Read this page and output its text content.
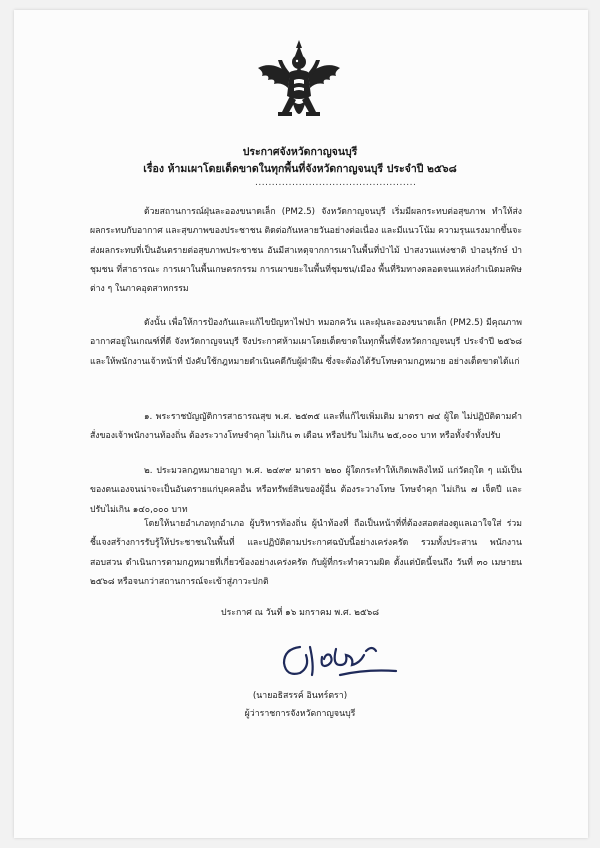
ประกาศจังหวัดกาญจนบุรี
เรื่อง ห้ามเผาโดยเด็ดขาดในทุกพื้นที่จังหวัดกาญจนบุรี ประจำปี ๒๕๖๘
................................................
ด้วยสถานการณ์ฝุ่นละอองขนาดเล็ก (PM2.5) จังหวัดกาญจนบุรี เริ่มมีผลกระทบต่อสุขภาพ ทำให้ส่งผลกระทบกับอากาศ และสุขภาพของประชาชน ติดต่อกันหลายวันอย่างต่อเนื่อง และมีแนวโน้ม ความรุนแรงมากขึ้นจะส่งผลกระทบที่เป็นอันตรายต่อสุขภาพประชาชน อันมีสาเหตุจากการเผาในพื้นที่ป่าไม้ ป่าสงวนแห่งชาติ ป่าอนุรักษ์ ป่าชุมชน ที่สาธารณะ การเผาในพื้นเกษตรกรรม การเผาขยะในพื้นที่ชุมชน/เมือง พื้นที่ริมทางตลอดจนแหล่งกำเนิดมลพิษต่าง ๆ ในภาคอุตสาหกรรม
ดังนั้น เพื่อให้การป้องกันและแก้ไขปัญหาไฟป่า หมอกควัน และฝุ่นละอองขนาดเล็ก (PM2.5) มีคุณภาพอากาศอยู่ในเกณฑ์ที่ดี จังหวัดกาญจนบุรี จึงประกาศห้ามเผาโดยเด็ดขาดในทุกพื้นที่จังหวัดกาญจนบุรี ประจำปี ๒๕๖๘ และให้พนักงานเจ้าหน้าที่ บังคับใช้กฎหมายดำเนินคดีกับผู้ฝ่าฝืน ซึ่งจะต้องได้รับโทษตามกฎหมาย อย่างเด็ดขาดได้แก่
๑. พระราชบัญญัติการสาธารณสุข พ.ศ. ๒๕๓๕ และที่แก้ไขเพิ่มเติม มาตรา ๗๔ ผู้ใด ไม่ปฏิบัติตามคำสั่งของเจ้าพนักงานท้องถิ่น ต้องระวางโทษจำคุก ไม่เกิน ๓ เดือน หรือปรับ ไม่เกิน ๒๕,๐๐๐ บาท หรือทั้งจำทั้งปรับ
๒. ประมวลกฎหมายอาญา พ.ศ. ๒๔๙๙ มาตรา ๒๒๐ ผู้ใดกระทำให้เกิดเพลิงไหม้ แก่วัตถุใด ๆ แม้เป็นของตนเองจนน่าจะเป็นอันตรายแก่บุคคลอื่น หรือทรัพย์สินของผู้อื่น ต้องระวางโทษ โทษจำคุก ไม่เกิน ๗ เจ็ดปี และปรับไม่เกิน ๑๔๐,๐๐๐ บาท
โดยให้นายอำเภอทุกอำเภอ ผู้บริหารท้องถิ่น ผู้นำท้องที่ ถือเป็นหน้าที่ที่ต้องสอดส่องดูแลเอาใจใส่ ร่วมชี้แจงสร้างการรับรู้ให้ประชาชนในพื้นที่ และปฏิบัติตามประกาศฉบับนี้อย่างเคร่งครัด รวมทั้งประสาน พนักงานสอบสวน ดำเนินการตามกฎหมายที่เกี่ยวข้องอย่างเคร่งครัด กับผู้ที่กระทำความผิด ตั้งแต่บัดนี้จนถึง วันที่ ๓๐ เมษายน ๒๕๖๘ หรือจนกว่าสถานการณ์จะเข้าสู่ภาวะปกติ
ประกาศ ณ วันที่ ๑๖ มกราคม พ.ศ. ๒๕๖๘
(นายอธิสรรค์ อินทร์ตรา)
ผู้ว่าราชการจังหวัดกาญจนบุรี
